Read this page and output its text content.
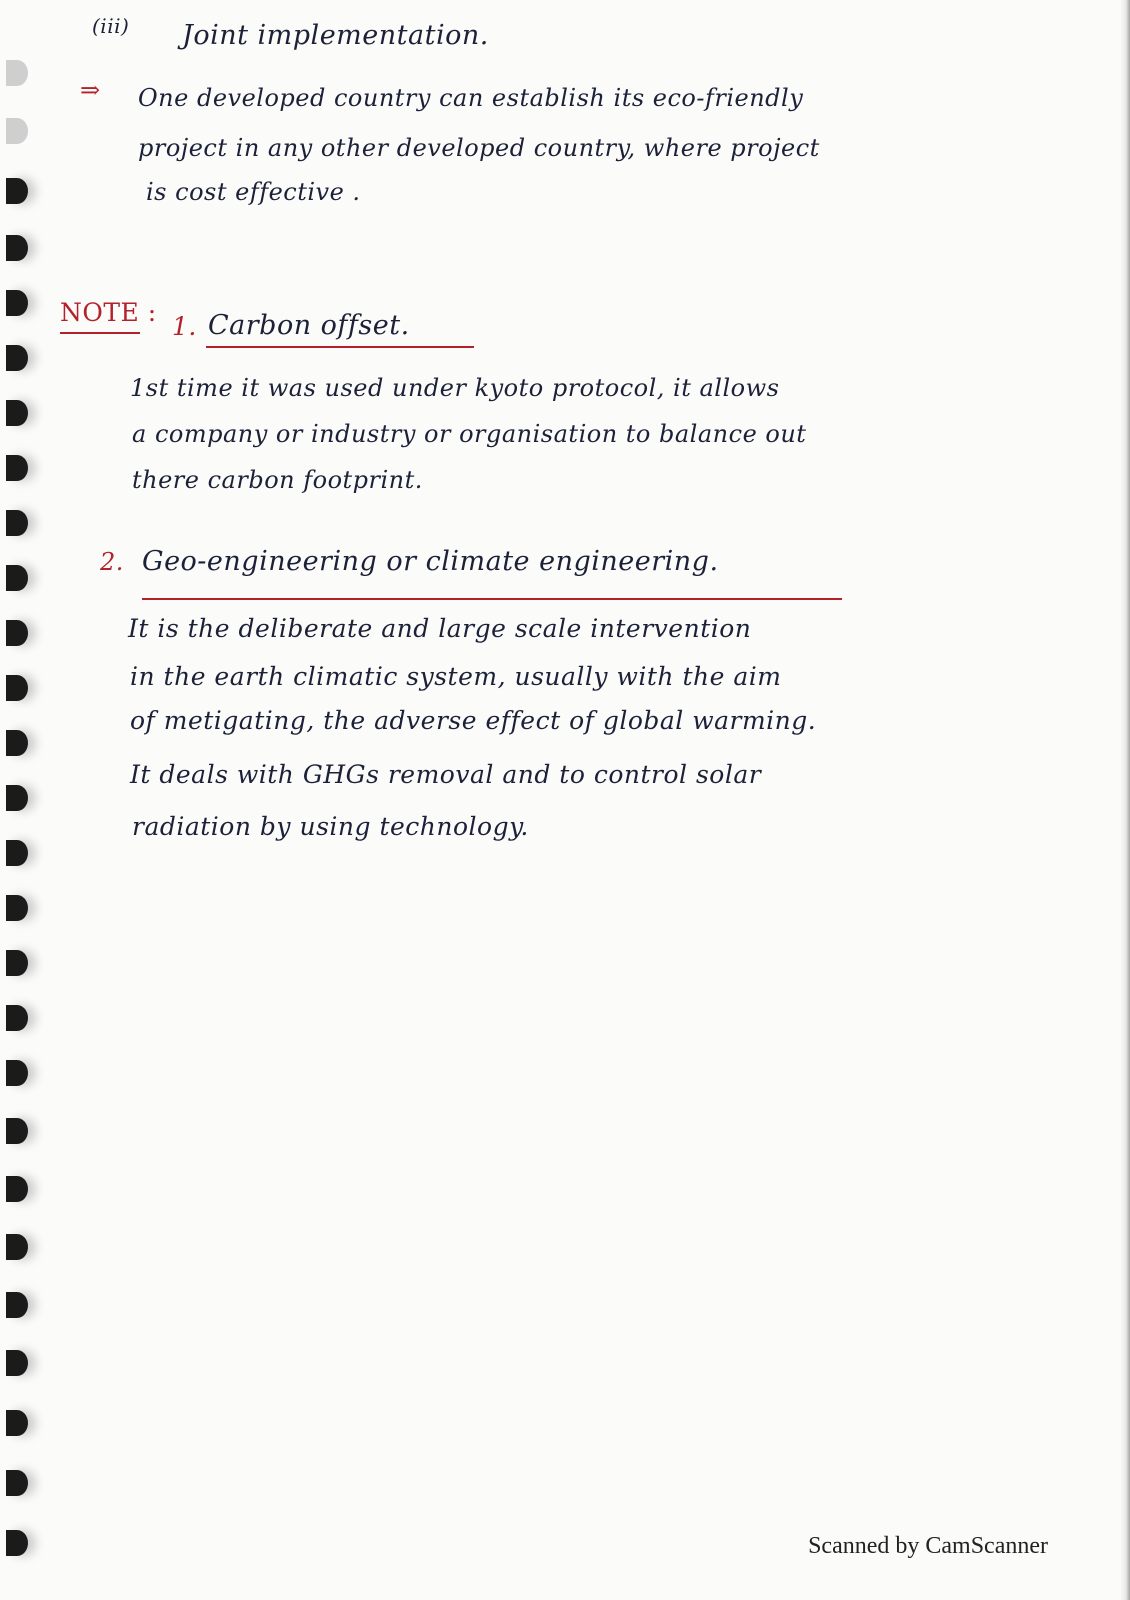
(iii) Joint implementation.
⇒ One developed country can establish its eco-friendly
project in any other developed country, where project
is cost effective .
NOTE : 1. Carbon offset.
1st time it was used under kyoto protocol, it allows
a company or industry or organisation to balance out
there carbon footprint.
2. Geo-engineering or climate engineering.
It is the deliberate and large scale intervention
in the earth climatic system, usually with the aim
of metigating, the adverse effect of global warming.
It deals with GHGs removal and to control solar
radiation by using technology.
Scanned by CamScanner
